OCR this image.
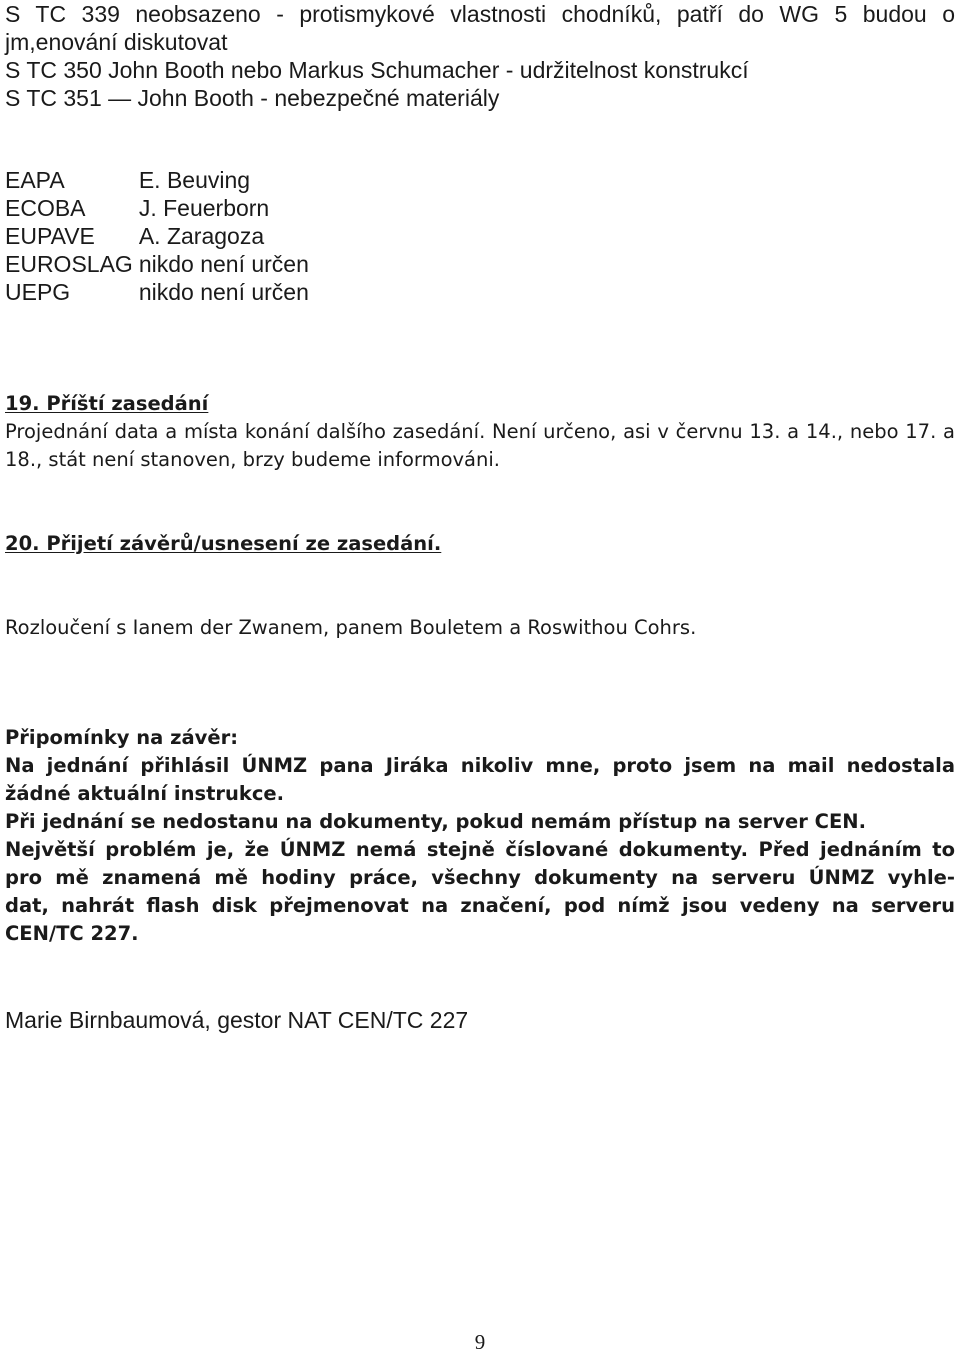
S TC 339 neobsazeno - protismykové vlastnosti chodníků, patří do WG 5 budou o
jm,enování diskutovat
S TC 350 John Booth nebo Markus Schumacher - udržitelnost konstrukcí
S TC 351 — John Booth - nebezpečné materiály
EAPA	E. Beuving
ECOBA	J. Feuerborn
EUPAVE	A. Zaragoza
EUROSLAG	nikdo není určen
UEPG	nikdo není určen
19. Příští zasedání
Projednání data a místa konání dalšího zasedání. Není určeno, asi v červnu 13. a 14., nebo 17. a 18., stát není stanoven, brzy budeme informováni.
20. Přijetí závěrů/usnesení ze zasedání.
Rozloučení s Ianem der Zwanem, panem Bouletem a Roswithou Cohrs.
Připomínky na závěr:
Na jednání přihlásil ÚNMZ pana Jiráka nikoliv mne, proto jsem na mail nedostala žádné aktuální instrukce.
Při jednání se nedostanu na dokumenty, pokud nemám přístup na server CEN.
Největší problém je, že ÚNMZ nemá stejně číslované dokumenty. Před jednáním to
pro mě znamená mě hodiny práce, všechny dokumenty na serveru ÚNMZ vyhle-
dat, nahrát flash disk přejmenovat na značení, pod nímž jsou vedeny na serveru
CEN/TC 227.
Marie Birnbaumová, gestor NAT CEN/TC 227
9
